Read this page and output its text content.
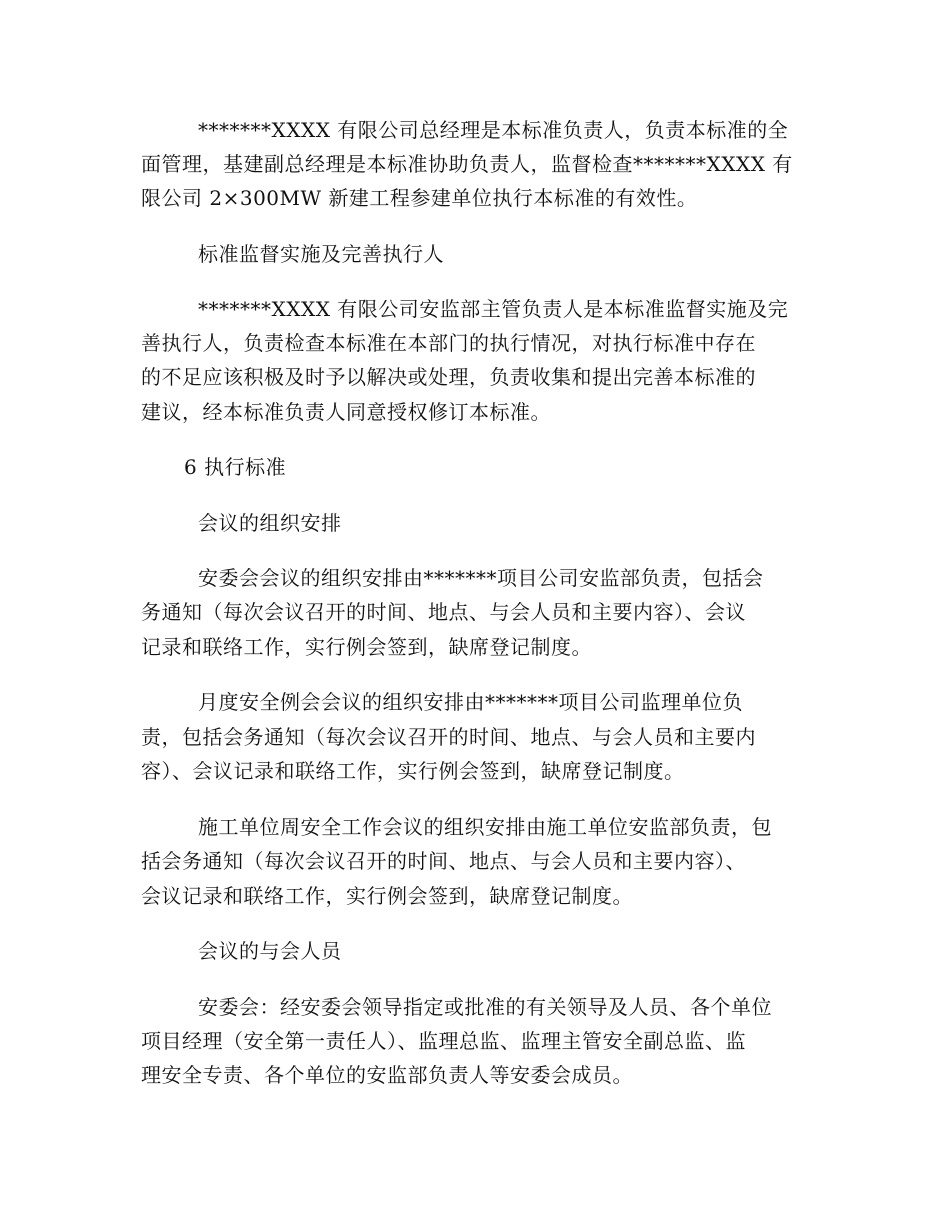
*******XXXX 有限公司总经理是本标准负责人，负责本标准的全
面管理，基建副总经理是本标准协助负责人，监督检查*******XXXX 有
限公司 2×300MW 新建工程参建单位执行本标准的有效性。
标准监督实施及完善执行人
*******XXXX 有限公司安监部主管负责人是本标准监督实施及完
善执行人，负责检查本标准在本部门的执行情况，对执行标准中存在
的不足应该积极及时予以解决或处理，负责收集和提出完善本标准的
建议，经本标准负责人同意授权修订本标准。
6 执行标准
会议的组织安排
安委会会议的组织安排由*******项目公司安监部负责，包括会
务通知（每次会议召开的时间、地点、与会人员和主要内容）、会议
记录和联络工作，实行例会签到，缺席登记制度。
月度安全例会会议的组织安排由*******项目公司监理单位负
责，包括会务通知（每次会议召开的时间、地点、与会人员和主要内
容）、会议记录和联络工作，实行例会签到，缺席登记制度。
施工单位周安全工作会议的组织安排由施工单位安监部负责，包
括会务通知（每次会议召开的时间、地点、与会人员和主要内容）、
会议记录和联络工作，实行例会签到，缺席登记制度。
会议的与会人员
安委会：经安委会领导指定或批准的有关领导及人员、各个单位
项目经理（安全第一责任人）、监理总监、监理主管安全副总监、监
理安全专责、各个单位的安监部负责人等安委会成员。
